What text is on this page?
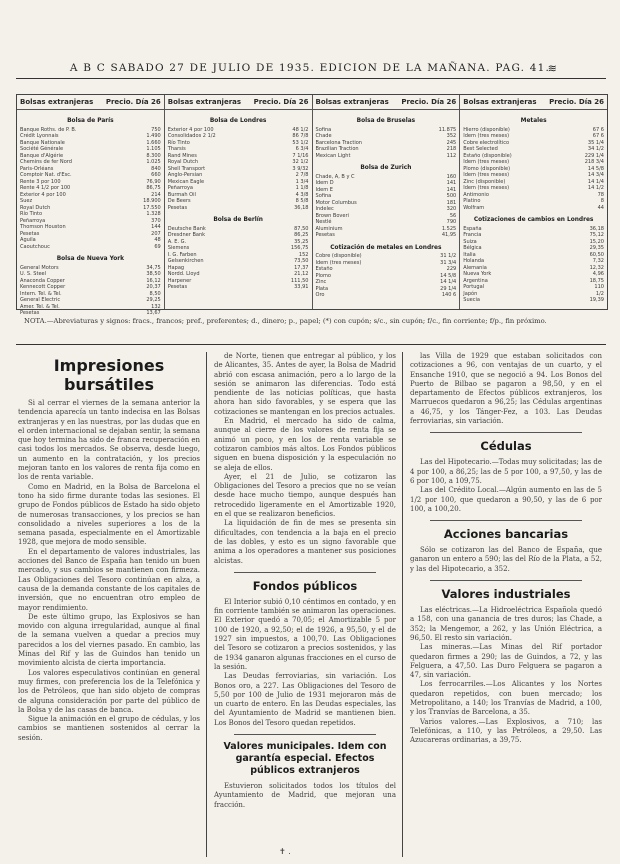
A B C SABADO 27 DE JULIO DE 1935. EDICION DE LA MAÑANA. PAG. 41.
≋
Bolsas extranjeras Precio. Día 26
Bolsa de París
Banque Roths. de P. B.	750
Crédit Lyonnais	1.490
Banque Nationale	1.660
Société Générale	1.105
Banque d'Algérie	8.300
Chemins de fer Nord	1.025
Paris-Orléans	840
Comptoir Nat. d'Esc.	660
Rente 3 por 100	76,90
Rente 4 1/2 por 100	86,75
Exterior 4 por 100	214
Suez	18.900
Royal Dutch	17.550
Río Tinto	1.328
Peñarroya	370
Thomson Houston	144
Pesetas	207
Aguila	48
Caoutchouc	69
Bolsa de Nueva York
General Motors	34,75
U. S. Steel	38,50
Anaconda Copper	16,12
Kennecott Copper	20,37
Intern. Tel. & Tel.	8,50
General Electric	29,25
Amer. Tel. & Tel.	132
Pesetas	13,67
Bolsas extranjeras Precio. Día 26
Bolsa de Londres
Exterior 4 por 100	48 1/2
Consolidados 2 1/2	86 7/8
Río Tinto	53 1/2
Tharsis	6 3/4
Rand Mines	7 1/16
Royal Dutch	32 1/2
Shell Transport	3 9/32
Anglo-Persian	2 7/8
Mexican Eagle	1 3/4
Peñarroya	1 1/8
Burmah Oil	4 3/8
De Beers	8 5/8
Pesetas	36,18
Bolsa de Berlín
Deutsche Bank	87,50
Dresdner Bank	86,25
A. E. G.	35,25
Siemens	156,75
I. G. Farben	152
Gelsenkirchen	73,50
Hapag	17,37
Nordd. Lloyd	21,12
Harpener	111,50
Pesetas	33,91
Bolsas extranjeras Precio. Día 26
Bolsa de Bruselas
Sofina	11.875
Chade	352
Barcelona Traction	245
Brazilian Traction	218
Mexican Light	112
Bolsa de Zurich
Chade, A, B y C	160
Idem D	141
Idem E	141
Sofina	500
Motor Columbus	181
Indelec	320
Brown Boveri	56
Nestlé	790
Aluminium	1.525
Pesetas	41,95
Cotización de metales en Londres
Cobre (disponible)	31 1/2
Idem (tres meses)	31 3/4
Estaño	229
Plomo	14 5/8
Zinc	14 1/4
Plata	29 1/4
Oro	140 6
Bolsas extranjeras Precio. Día 26
Metales
Hierro (disponible)	67 6
Idem (tres meses)	67 6
Cobre electrolítico	35 1/4
Best Selected	34 1/2
Estaño (disponible)	229 1/4
Idem (tres meses)	218 3/4
Plomo (disponible)	14 5/8
Idem (tres meses)	14 3/4
Zinc (disponible)	14 1/4
Idem (tres meses)	14 1/2
Antimonio	78
Platino	8
Wolfram	44
Cotizaciones de cambios en Londres
España	36,18
Francia	75,12
Suiza	15,20
Bélgica	29,35
Italia	60,50
Holanda	7,32
Alemania	12,32
Nueva York	4,96
Argentina	18,75
Portugal	110
Japón	1/2
Suecia	19,39
NOTA.—Abreviaturas y signos: fracs., francos; pref., preferentes; d., dinero; p., papel; (*) con cupón; s/c., sin cupón; f/c., fin corriente; f/p., fin próximo.
Impresiones bursátiles

Si al cerrar el viernes de la semana anterior la tendencia aparecía un tanto indecisa en las Bolsas extranjeras y en las nuestras, por las dudas que en el orden internacional se dejaban sentir, la semana que hoy termina ha sido de franca recuperación en casi todos los mercados. Se observa, desde luego, un aumento en la contratación, y los precios mejoran tanto en los valores de renta fija como en los de renta variable.

Como en Madrid, en la Bolsa de Barcelona el tono ha sido firme durante todas las sesiones. El grupo de Fondos públicos de Estado ha sido objeto de numerosas transacciones, y los precios se han consolidado a niveles superiores a los de la semana pasada, especialmente en el Amortizable 1928, que mejora de modo sensible.

En el departamento de valores industriales, las acciones del Banco de España han tenido un buen mercado, y sus cambios se mantienen con firmeza. Las Obligaciones del Tesoro continúan en alza, a causa de la demanda constante de los capitales de inversión, que no encuentran otro empleo de mayor rendimiento.

De este último grupo, las Explosivos se han movido con alguna irregularidad, aunque al final de la semana vuelven a quedar a precios muy parecidos a los del viernes pasado. En cambio, las Minas del Rif y las de Guindos han tenido un movimiento alcista de cierta importancia.

Los valores especulativos continúan en general muy firmes, con preferencia los de la Telefónica y los de Petróleos, que han sido objeto de compras de alguna consideración por parte del público de la Bolsa y de las casas de banca.

Sigue la animación en el grupo de cédulas, y los cambios se mantienen sostenidos al cerrar la sesión.

de Norte, tienen que entregar al público, y los de Alicantes, 35. Antes de ayer, la Bolsa de Madrid abrió con escasa animación, pero a lo largo de la sesión se animaron las diferencias. Todo está pendiente de las noticias políticas, que hasta ahora han sido favorables, y se espera que las cotizaciones se mantengan en los precios actuales.

En Madrid, el mercado ha sido de calma, aunque al cierre de los valores de renta fija se animó un poco, y en los de renta variable se cotizaron cambios más altos. Los Fondos públicos siguen en buena disposición y la especulación no se aleja de ellos.

Ayer, el 21 de Julio, se cotizaron las Obligaciones del Tesoro a precios que no se veían desde hace mucho tiempo, aunque después han retrocedido ligeramente en el Amortizable 1920, en el que se realizaron beneficios.

La liquidación de fin de mes se presenta sin dificultades, con tendencia a la baja en el precio de las dobles, y esto es un signo favorable que anima a los operadores a mantener sus posiciones alcistas.

Fondos públicos

El Interior subió 0,10 céntimos en contado, y en fin corriente también se animaron las operaciones. El Exterior quedó a 70,05; el Amortizable 5 por 100 de 1920, a 92,50; el de 1926, a 95,50, y el de 1927 sin impuestos, a 100,70. Las Obligaciones del Tesoro se cotizaron a precios sostenidos, y las de 1934 ganaron algunas fracciones en el curso de la sesión.

Las Deudas ferroviarias, sin variación. Los Bonos oro, a 227. Las Obligaciones del Tesoro de 5,50 por 100 de Julio de 1931 mejoraron más de un cuarto de entero. En las Deudas especiales, las del Ayuntamiento de Madrid se mantienen bien. Los Bonos del Tesoro quedan repetidos.

Valores municipales. Idem con garantía especial. Efectos públicos extranjeros

Estuvieron solicitados todos los títulos del Ayuntamiento de Madrid, que mejoran una fracción.

las Villa de 1929 que estaban solicitados con cotizaciones a 96, con ventajas de un cuarto, y el Ensanche 1910, que se negoció a 94. Los Bonos del Puerto de Bilbao se pagaron a 98,50, y en el departamento de Efectos públicos extranjeros, los Marruecos quedaron a 96,25; las Cédulas argentinas a 46,75, y los Tánger-Fez, a 103. Las Deudas ferroviarias, sin variación.

Cédulas

Las del Hipotecario.—Todas muy solicitadas; las de 4 por 100, a 86,25; las de 5 por 100, a 97,50, y las de 6 por 100, a 109,75.

Las del Crédito Local.—Algún aumento en las de 5 1/2 por 100, que quedaron a 90,50, y las de 6 por 100, a 100,20.

Acciones bancarias

Sólo se cotizaron las del Banco de España, que ganaron un entero a 590; las del Río de la Plata, a 52, y las del Hipotecario, a 352.

Valores industriales

Las eléctricas.—La Hidroeléctrica Española quedó a 158, con una ganancia de tres duros; las Chade, a 352; la Mengemor, a 262, y las Unión Eléctrica, a 96,50. El resto sin variación.

Las mineras.—Las Minas del Rif portador quedaron firmes a 290; las de Guindos, a 72, y las Felguera, a 47,50. Las Duro Felguera se pagaron a 47, sin variación.

Los ferrocarriles.—Los Alicantes y los Nortes quedaron repetidos, con buen mercado; los Metropolitano, a 140; los Tranvías de Madrid, a 100, y los Tranvías de Barcelona, a 35.

Varios valores.—Las Explosivos, a 710; las Telefónicas, a 110, y las Petróleos, a 29,50. Las Azucareras ordinarias, a 39,75.

✝ .
